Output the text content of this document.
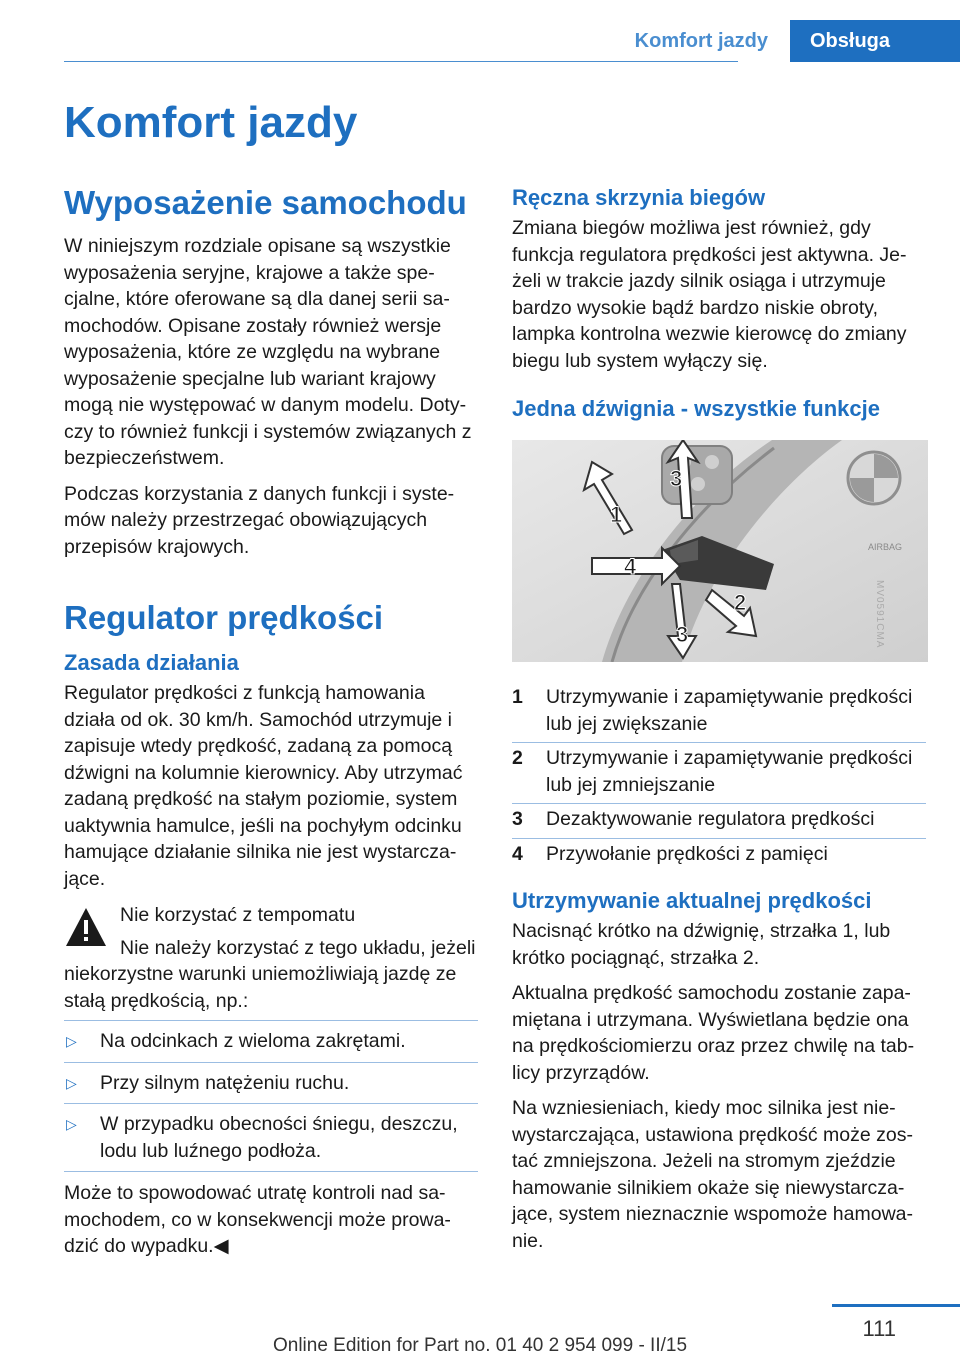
Komfort jazdy	Obsługa
Komfort jazdy
Wyposażenie samochodu

W niniejszym rozdziale opisane są wszystkie wyposażenia seryjne, krajowe a także specjalne, które oferowane są dla danej serii samochodów. Opisane zostały również wersje wyposażenia, które ze względu na wybrane wyposażenie specjalne lub wariant krajowy mogą nie występować w danym modelu. Dotyczy to również funkcji i systemów związanych z bezpieczeństwem.

Podczas korzystania z danych funkcji i systemów należy przestrzegać obowiązujących przepisów krajowych.

Regulator prędkości
Zasada działania

Regulator prędkości z funkcją hamowania działa od ok. 30 km/h. Samochód utrzymuje i zapisuje wtedy prędkość, zadaną za pomocą dźwigni na kolumnie kierownicy. Aby utrzymać zadaną prędkość na stałym poziomie, system uaktywnia hamulce, jeśli na pochyłym odcinku hamujące działanie silnika nie jest wystarczające.

Nie korzystać z tempomatu

Nie należy korzystać z tego układu, jeżeli niekorzystne warunki uniemożliwiają jazdę ze stałą prędkością, np.:

▷ Na odcinkach z wieloma zakrętami.
▷ Przy silnym natężeniu ruchu.
▷ W przypadku obecności śniegu, deszczu, lodu lub luźnego podłoża.

Może to spowodować utratę kontroli nad samochodem, co w konsekwencji może prowadzić do wypadku.◀

Ręczna skrzynia biegów

Zmiana biegów możliwa jest również, gdy funkcja regulatora prędkości jest aktywna. Jeżeli w trakcie jazdy silnik osiąga i utrzymuje bardzo wysokie bądź bardzo niskie obroty, lampka kontrolna wezwie kierowcę do zmiany biegu lub system wyłączy się.

Jedna dźwignia - wszystkie funkcje
AIRBAG
1
2
3
3
4
MV0591CMA
1	Utrzymywanie i zapamiętywanie prędkości lub jej zwiększanie
2	Utrzymywanie i zapamiętywanie prędkości lub jej zmniejszanie
3	Dezaktywowanie regulatora prędkości
4	Przywołanie prędkości z pamięci
Utrzymywanie aktualnej prędkości

Nacisnąć krótko na dźwignię, strzałka 1, lub krótko pociągnąć, strzałka 2.

Aktualna prędkość samochodu zostanie zapamiętana i utrzymana. Wyświetlana będzie ona na prędkościomierzu oraz przez chwilę na tablicy przyrządów.

Na wzniesieniach, kiedy moc silnika jest niewystarczająca, ustawiona prędkość może zostać zmniejszona. Jeżeli na stromym zjeździe hamowanie silnikiem okaże się niewystarczające, system nieznacznie wspomoże hamowanie.

111
Online Edition for Part no. 01 40 2 954 099 - II/15
